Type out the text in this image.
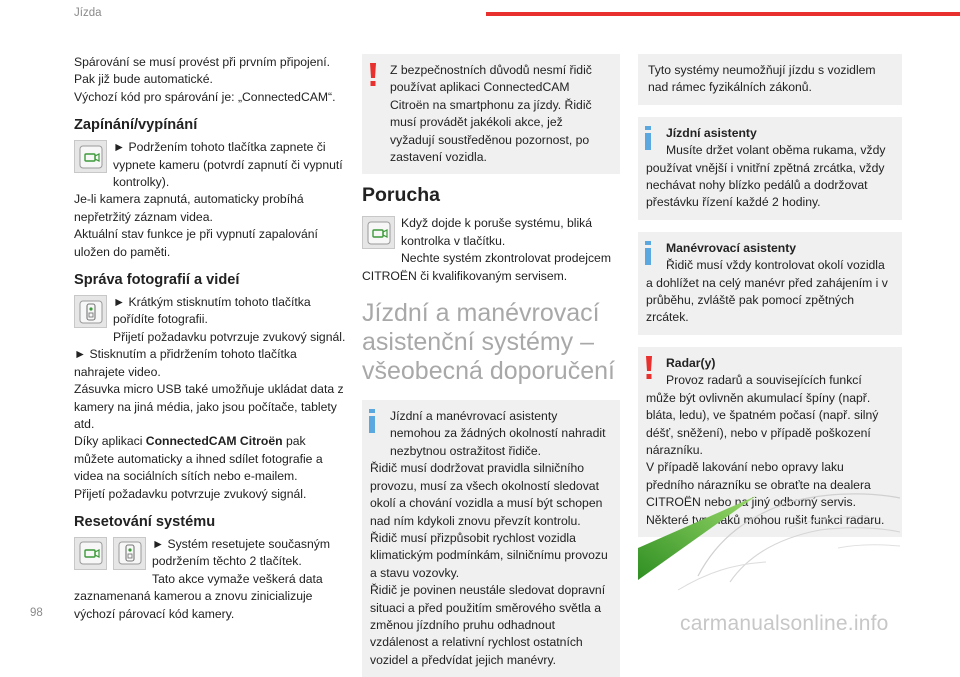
Jízda

Spárování se musí provést při prvním připojení.

Pak již bude automatické.

Výchozí kód pro spárování je: „ConnectedCAM“.

Zapínání/vypínání

► Podržením tohoto tlačítka zapnete či vypnete kameru (potvrdí zapnutí či vypnutí kontrolky).

Je-li kamera zapnutá, automaticky probíhá nepřetržitý záznam videa.

Aktuální stav funkce je při vypnutí zapalování uložen do paměti.

Správa fotografií a videí

► Krátkým stisknutím tohoto tlačítka pořídíte fotografii.

Přijetí požadavku potvrzuje zvukový signál.

► Stisknutím a přidržením tohoto tlačítka nahrajete video.

Zásuvka micro USB také umožňuje ukládat data z kamery na jiná média, jako jsou počítače, tablety atd.

Díky aplikaci ConnectedCAM Citroën pak můžete automaticky a ihned sdílet fotografie a videa na sociálních sítích nebo e-mailem.

Přijetí požadavku potvrzuje zvukový signál.

Resetování systému

► Systém resetujete současným podržením těchto 2 tlačítek.

Tato akce vymaže veškerá data zaznamenaná kamerou a znovu zinicializuje výchozí párovací kód kamery.

Z bezpečnostních důvodů nesmí řidič používat aplikaci ConnectedCAM Citroën na smartphonu za jízdy. Řidič musí provádět jakékoli akce, jež vyžadují soustředěnou pozornost, po zastavení vozidla.

Porucha

Když dojde k poruše systému, bliká kontrolka v tlačítku.

Nechte systém zkontrolovat prodejcem CITROËN či kvalifikovaným servisem.

Jízdní a manévrovací asistenční systémy – všeobecná doporučení

Jízdní a manévrovací asistenty nemohou za žádných okolností nahradit nezbytnou ostražitost řidiče.

Řidič musí dodržovat pravidla silničního provozu, musí za všech okolností sledovat okolí a chování vozidla a musí být schopen nad ním kdykoli znovu převzít kontrolu. Řidič musí přizpůsobit rychlost vozidla klimatickým podmínkám, silničnímu provozu a stavu vozovky.

Řidič je povinen neustále sledovat dopravní situaci a před použitím směrového světla a změnou jízdního pruhu odhadnout vzdálenost a relativní rychlost ostatních vozidel a předvídat jejich manévry.

Tyto systémy neumožňují jízdu s vozidlem nad rámec fyzikálních zákonů.

Jízdní asistenty

Musíte držet volant oběma rukama, vždy používat vnější i vnitřní zpětná zrcátka, vždy nechávat nohy blízko pedálů a dodržovat přestávku řízení každé 2 hodiny.

Manévrovací asistenty

Řidič musí vždy kontrolovat okolí vozidla a dohlížet na celý manévr před zahájením i v průběhu, zvláště pak pomocí zpětných zrcátek.

Radar(y)

Provoz radarů a souvisejících funkcí může být ovlivněn akumulací špíny (např. bláta, ledu), ve špatném počasí (např. silný déšť, sněžení), nebo v případě poškození nárazníku.

V případě lakování nebo opravy laku předního nárazníku se obraťte na dealera CITROËN nebo na jiný odborný servis.

Některé typy laků mohou rušit funkci radaru.

98	carmanualsonline.info
